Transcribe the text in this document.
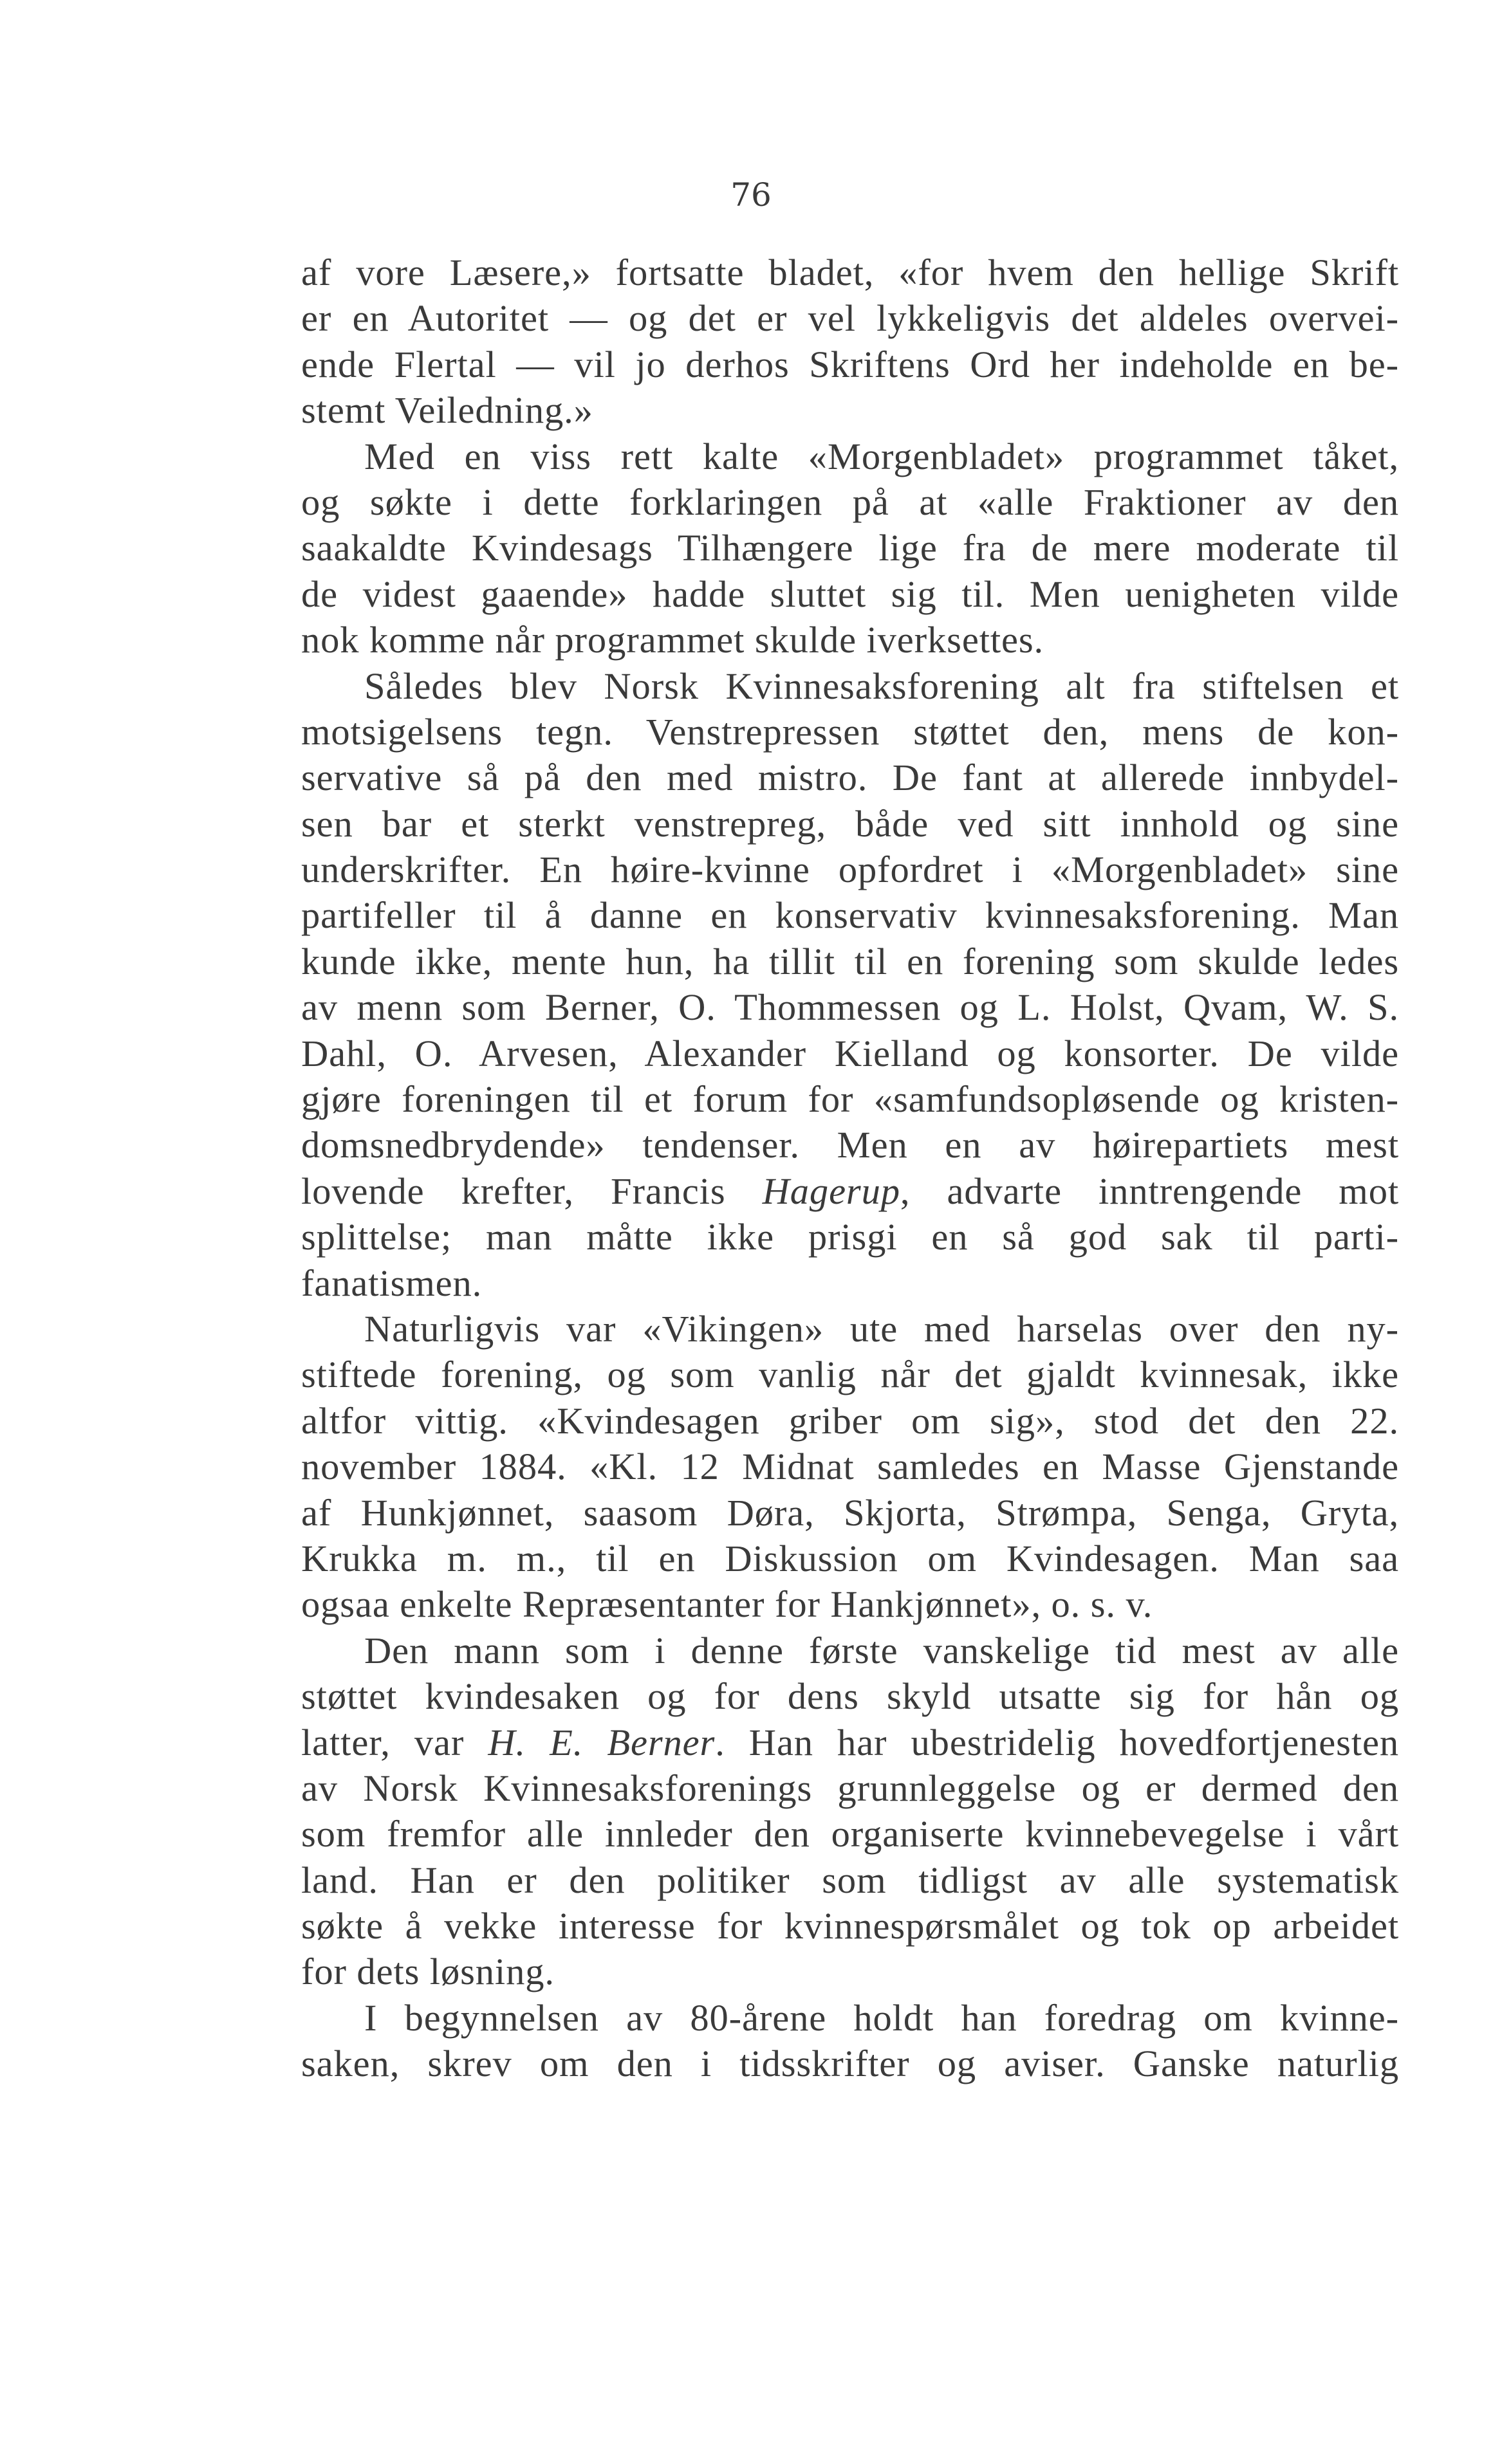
76
af vore Læsere,» fortsatte bladet, «for hvem den hellige Skrift
er en Autoritet — og det er vel lykkeligvis det aldeles overvei-
ende Flertal — vil jo derhos Skriftens Ord her indeholde en be-
stemt Veiledning.»
Med en viss rett kalte «Morgenbladet» programmet tåket,
og søkte i dette forklaringen på at «alle Fraktioner av den
saakaldte Kvindesags Tilhængere lige fra de mere moderate til
de videst gaaende» hadde sluttet sig til. Men uenigheten vilde
nok komme når programmet skulde iverksettes.
Således blev Norsk Kvinnesaksforening alt fra stiftelsen et
motsigelsens tegn. Venstrepressen støttet den, mens de kon-
servative så på den med mistro. De fant at allerede innbydel-
sen bar et sterkt venstrepreg, både ved sitt innhold og sine
underskrifter. En høire-kvinne opfordret i «Morgenbladet» sine
partifeller til å danne en konservativ kvinnesaksforening. Man
kunde ikke, mente hun, ha tillit til en forening som skulde ledes
av menn som Berner, O. Thommessen og L. Holst, Qvam, W. S.
Dahl, O. Arvesen, Alexander Kielland og konsorter. De vilde
gjøre foreningen til et forum for «samfundsopløsende og kristen-
domsnedbrydende» tendenser. Men en av høirepartiets mest
lovende krefter, Francis Hagerup, advarte inntrengende mot
splittelse; man måtte ikke prisgi en så god sak til parti-
fanatismen.
Naturligvis var «Vikingen» ute med harselas over den ny-
stiftede forening, og som vanlig når det gjaldt kvinnesak, ikke
altfor vittig. «Kvindesagen griber om sig», stod det den 22.
november 1884. «Kl. 12 Midnat samledes en Masse Gjenstande
af Hunkjønnet, saasom Døra, Skjorta, Strømpa, Senga, Gryta,
Krukka m. m., til en Diskussion om Kvindesagen. Man saa
ogsaa enkelte Repræsentanter for Hankjønnet», o. s. v.
Den mann som i denne første vanskelige tid mest av alle
støttet kvindesaken og for dens skyld utsatte sig for hån og
latter, var H. E. Berner. Han har ubestridelig hovedfortjenesten
av Norsk Kvinnesaksforenings grunnleggelse og er dermed den
som fremfor alle innleder den organiserte kvinnebevegelse i vårt
land. Han er den politiker som tidligst av alle systematisk
søkte å vekke interesse for kvinnespørsmålet og tok op arbeidet
for dets løsning.
I begynnelsen av 80-årene holdt han foredrag om kvinne-
saken, skrev om den i tidsskrifter og aviser. Ganske naturlig
